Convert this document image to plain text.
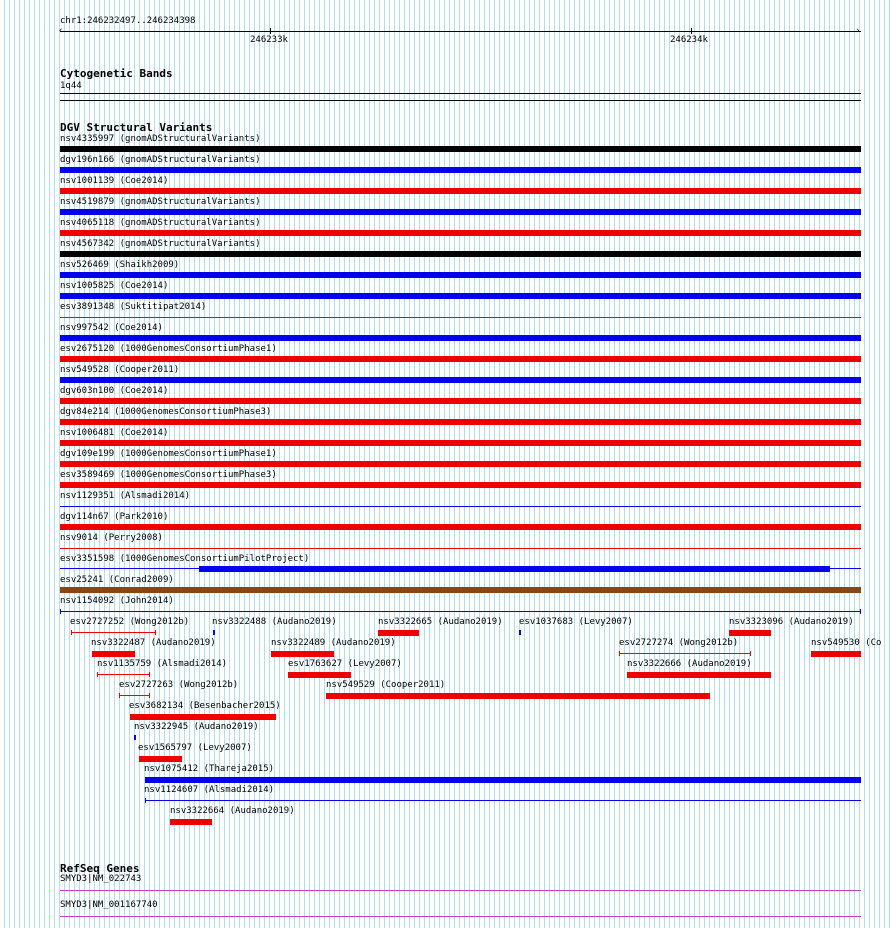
chr1:246232497..246234398
‹	›
246233k	246234k
Cytogenetic Bands
1q44
DGV Structural Variants
nsv4335997 (gnomADStructuralVariants)
dgv196n166 (gnomADStructuralVariants)
nsv1001139 (Coe2014)
nsv4519879 (gnomADStructuralVariants)
nsv4065118 (gnomADStructuralVariants)
nsv4567342 (gnomADStructuralVariants)
nsv526469 (Shaikh2009)
nsv1005825 (Coe2014)
esv3891348 (Suktitipat2014)
nsv997542 (Coe2014)
esv2675120 (1000GenomesConsortiumPhase1)
nsv549528 (Cooper2011)
dgv603n100 (Coe2014)
dgv84e214 (1000GenomesConsortiumPhase3)
nsv1006481 (Coe2014)
dgv109e199 (1000GenomesConsortiumPhase1)
esv3589469 (1000GenomesConsortiumPhase3)
nsv1129351 (Alsmadi2014)
dgv114n67 (Park2010)
nsv9014 (Perry2008)
esv3351598 (1000GenomesConsortiumPilotProject)
esv25241 (Conrad2009)
nsv1154092 (John2014)
esv2727252 (Wong2012b)	nsv3322488 (Audano2019)	nsv3322665 (Audano2019) esv1037683 (Levy2007)	nsv3323096 (Audano2019)
nsv3322487 (Audano2019)	nsv3322489 (Audano2019)	esv2727274 (Wong2012b)	nsv549530 (Co
nsv1135759 (Alsmadi2014)	esv1763627 (Levy2007)	nsv3322666 (Audano2019)
esv2727263 (Wong2012b)	nsv549529 (Cooper2011)
esv3682134 (Besenbacher2015)
nsv3322945 (Audano2019)
esv1565797 (Levy2007)
nsv1075412 (Thareja2015)
nsv1124607 (Alsmadi2014)
nsv3322664 (Audano2019)
RefSeq Genes
SMYD3|NM_022743
SMYD3|NM_001167740
